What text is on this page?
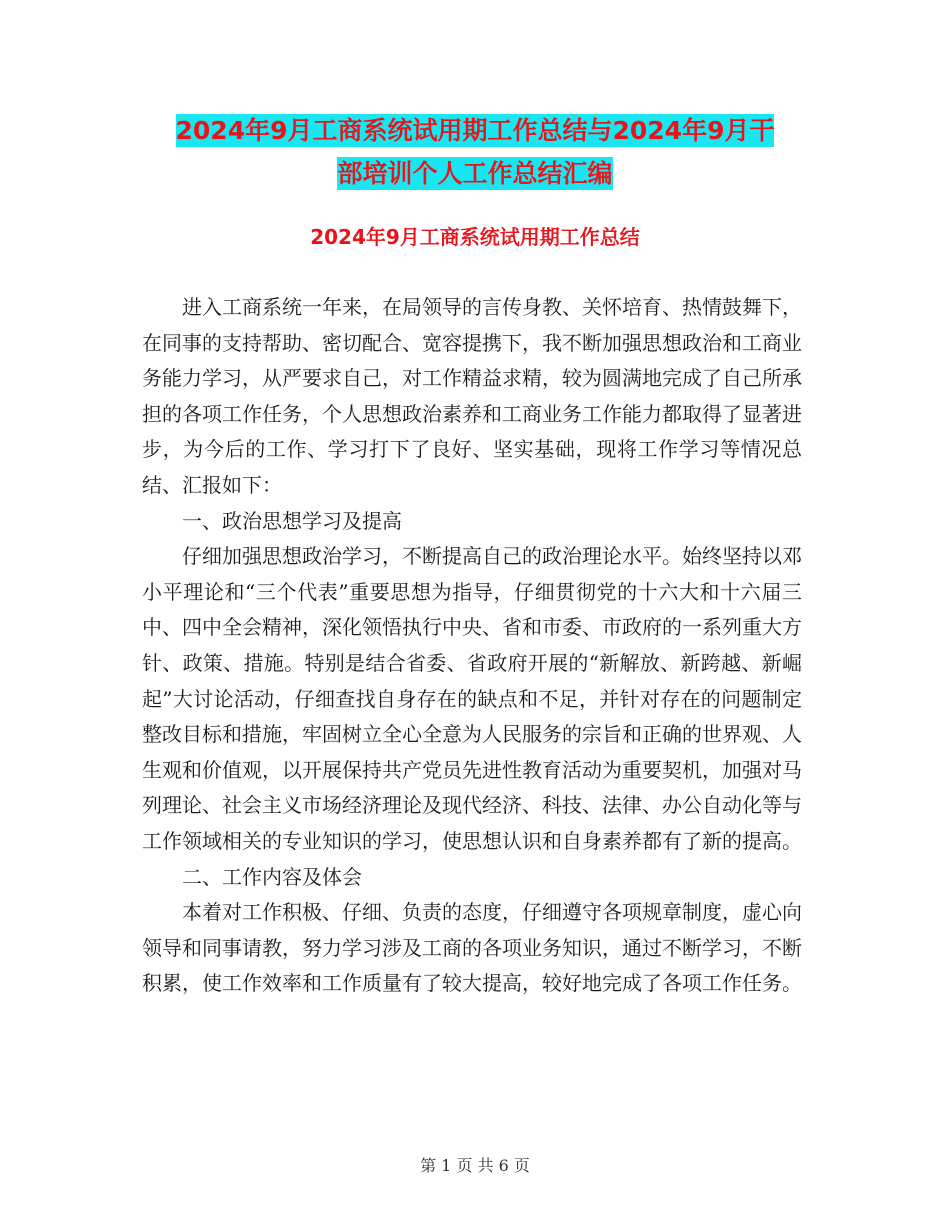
2024年9月工商系统试用期工作总结与2024年9月干
部培训个人工作总结汇编
2024年9月工商系统试用期工作总结

进入工商系统一年来，在局领导的言传身教、关怀培育、热情鼓舞下，在同事的支持帮助、密切配合、宽容提携下，我不断加强思想政治和工商业务能力学习，从严要求自己，对工作精益求精，较为圆满地完成了自己所承担的各项工作任务，个人思想政治素养和工商业务工作能力都取得了显著进步，为今后的工作、学习打下了良好、坚实基础，现将工作学习等情况总结、汇报如下：

一、政治思想学习及提高

仔细加强思想政治学习，不断提高自己的政治理论水平。始终坚持以邓小平理论和“三个代表”重要思想为指导，仔细贯彻党的十六大和十六届三中、四中全会精神，深化领悟执行中央、省和市委、市政府的一系列重大方针、政策、措施。特别是结合省委、省政府开展的“新解放、新跨越、新崛起”大讨论活动，仔细查找自身存在的缺点和不足，并针对存在的问题制定整改目标和措施，牢固树立全心全意为人民服务的宗旨和正确的世界观、人生观和价值观，以开展保持共产党员先进性教育活动为重要契机，加强对马列理论、社会主义市场经济理论及现代经济、科技、法律、办公自动化等与工作领域相关的专业知识的学习，使思想认识和自身素养都有了新的提高。

二、工作内容及体会

本着对工作积极、仔细、负责的态度，仔细遵守各项规章制度，虚心向领导和同事请教，努力学习涉及工商的各项业务知识，通过不断学习，不断积累，使工作效率和工作质量有了较大提高，较好地完成了各项工作任务。

第 1 页 共 6 页
